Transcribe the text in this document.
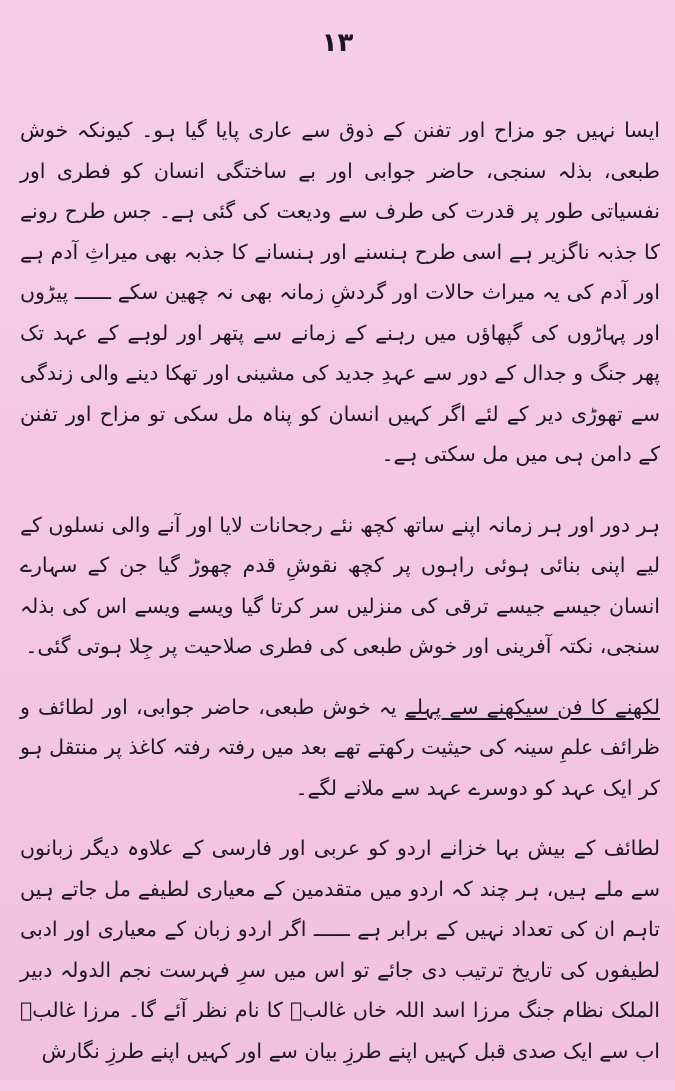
۱۳

ایسا نہیں جو مزاح اور تفنن کے ذوق سے عاری پایا گیا ہو۔ کیونکہ خوش طبعی، بذلہ سنجی، حاضر جوابی اور بے ساختگی انسان کو فطری اور نفسیاتی طور پر قدرت کی طرف سے ودیعت کی گئی ہے۔ جس طرح رونے کا جذبہ ناگزیر ہے اسی طرح ہنسنے اور ہنسانے کا جذبہ بھی میراثِ آدم ہے اور آدم کی یہ میراث حالات اور گردشِ زمانہ بھی نہ چھین سکے ــــــ پیڑوں اور پہاڑوں کی گپھاؤں میں رہنے کے زمانے سے پتھر اور لوہے کے عہد تک پھر جنگ و جدال کے دور سے عہدِ جدید کی مشینی اور تھکا دینے والی زندگی سے تھوڑی دیر کے لئے اگر کہیں انسان کو پناہ مل سکی تو مزاح اور تفنن کے دامن ہی میں مل سکتی ہے۔

ہر دور اور ہر زمانہ اپنے ساتھ کچھ نئے رجحانات لایا اور آنے والی نسلوں کے لیے اپنی بنائی ہوئی راہوں پر کچھ نقوشِ قدم چھوڑ گیا جن کے سہارے انسان جیسے جیسے ترقی کی منزلیں سر کرتا گیا ویسے ویسے اس کی بذلہ سنجی، نکتہ آفرینی اور خوش طبعی کی فطری صلاحیت پر جِلا ہوتی گئی۔

لکھنے کا فن سیکھنے سے پہلے یہ خوش طبعی، حاضر جوابی، اور لطائف و ظرائف علمِ سینہ کی حیثیت رکھتے تھے بعد میں رفتہ رفتہ کاغذ پر منتقل ہو کر ایک عہد کو دوسرے عہد سے ملانے لگے۔

لطائف کے بیش بہا خزانے اردو کو عربی اور فارسی کے علاوہ دیگر زبانوں سے ملے ہیں، ہر چند کہ اردو میں متقدمین کے معیاری لطیفے مل جاتے ہیں تاہم ان کی تعداد نہیں کے برابر ہے ــــــ اگر اردو زبان کے معیاری اور ادبی لطیفوں کی تاریخ ترتیب دی جائے تو اس میں سرِ فہرست نجم الدولہ دبیر الملک نظام جنگ مرزا اسد اللہ خاں غالبؔ کا نام نظر آئے گا۔ مرزا غالبؔ اب سے ایک صدی قبل کہیں اپنے طرزِ بیان سے اور کہیں اپنے طرزِ نگارش
